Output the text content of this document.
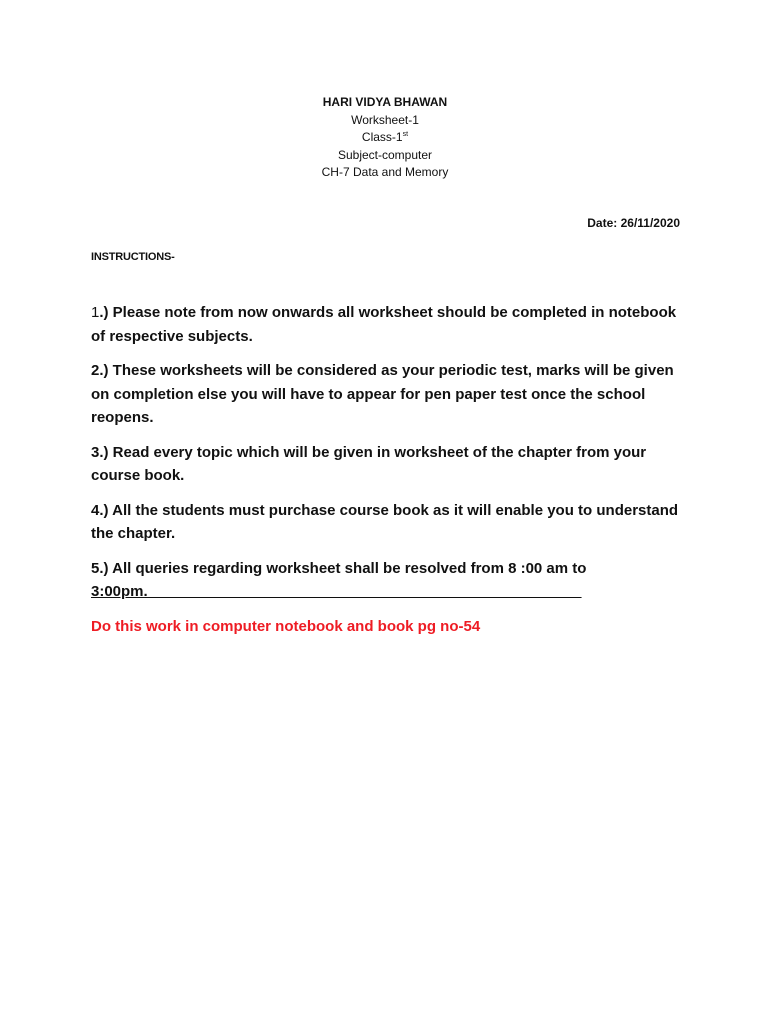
HARI VIDYA BHAWAN
Worksheet-1
Class-1st
Subject-computer
CH-7 Data and Memory
Date: 26/11/2020
INSTRUCTIONS-
1.) Please note from now onwards all worksheet should be completed in notebook of respective subjects.
2.) These worksheets will be considered as your periodic test, marks will be given on completion else you will have to appear for pen paper test once the school reopens.
3.) Read every topic which will be given in worksheet of the chapter from your course book.
4.) All the students must purchase course book as it will enable you to understand the chapter.
5.) All queries regarding worksheet shall be resolved from 8 :00 am to
3:00pm.____________________________________________________
Do this work in computer notebook and book pg no-54
